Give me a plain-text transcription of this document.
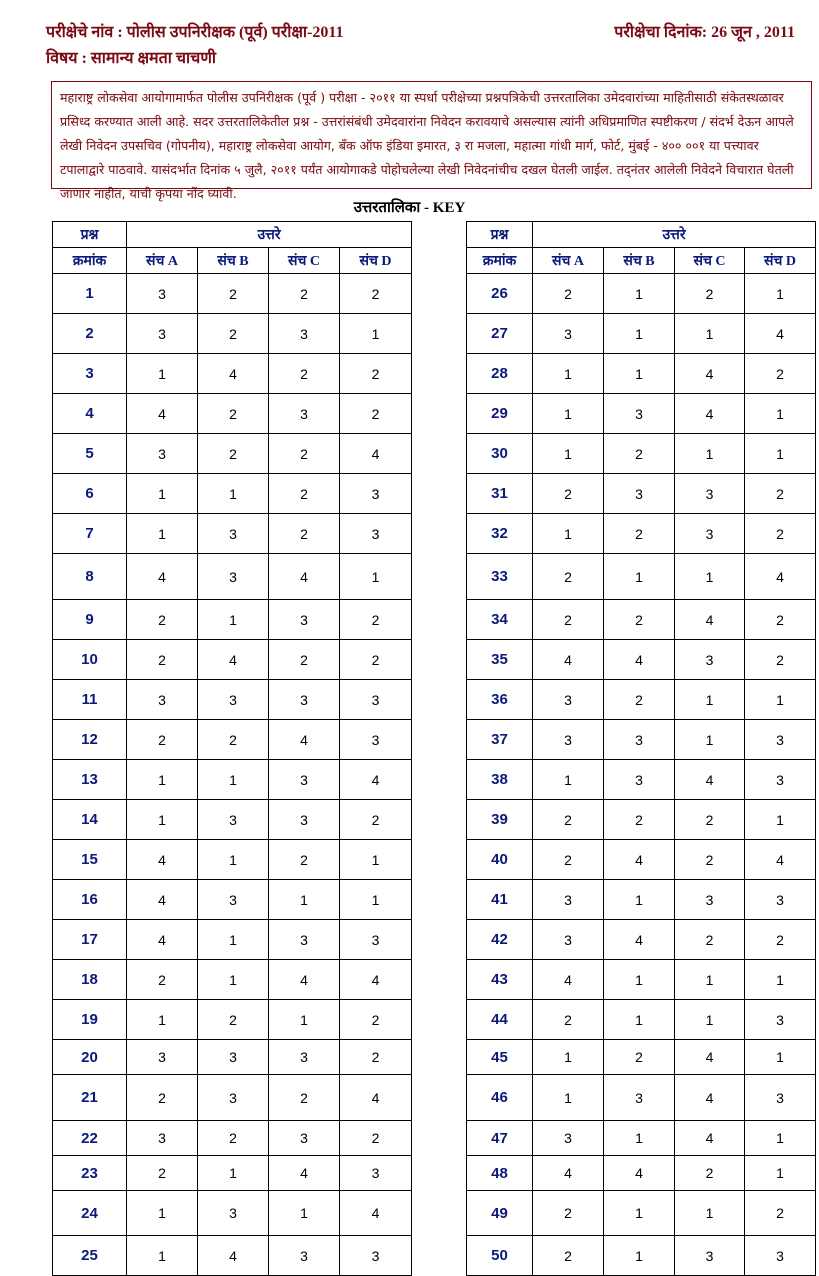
परीक्षेचे नांव : पोलीस उपनिरीक्षक (पूर्व) परीक्षा-2011	परीक्षेचा दिनांक: 26 जून , 2011
विषय : सामान्य क्षमता चाचणी
महाराष्ट्र लोकसेवा आयोगामार्फत पोलीस उपनिरीक्षक (पूर्व ) परीक्षा - २०११ या स्पर्धा परीक्षेच्या प्रश्नपत्रिकेची उत्तरतालिका उमेदवारांच्या माहितीसाठी संकेतस्थळावर प्रसिध्द करण्यात आली आहे. सदर उत्तरतालिकेतील प्रश्न - उत्तरांसंबंधी उमेदवारांना निवेदन करावयाचे असल्यास त्यांनी अधिप्रमाणित स्पष्टीकरण / संदर्भ देऊन आपले लेखी निवेदन उपसचिव (गोपनीय), महाराष्ट्र लोकसेवा आयोग, बँक ऑफ इंडिया इमारत, ३ रा मजला, महात्मा गांधी मार्ग, फोर्ट, मुंबई - ४०० ००१ या पत्त्यावर टपालाद्वारे पाठवावे. यासंदर्भात दिनांक ५ जुलै, २०११ पर्यंत आयोगाकडे पोहोचलेल्या लेखी निवेदनांचीच दखल घेतली जाईल. तद्नंतर आलेली निवेदने विचारात घेतली जाणार नाहीत, याची कृपया नोंद घ्यावी.
उत्तरतालिका - KEY
प्रश्न	उत्तरे			
क्रमांक	संच A	संच B	संच C	संच D
1	3	2	2	2
2	3	2	3	1
3	1	4	2	2
4	4	2	3	2
5	3	2	2	4
6	1	1	2	3
7	1	3	2	3
8	4	3	4	1
9	2	1	3	2
10	2	4	2	2
11	3	3	3	3
12	2	2	4	3
13	1	1	3	4
14	1	3	3	2
15	4	1	2	1
16	4	3	1	1
17	4	1	3	3
18	2	1	4	4
19	1	2	1	2
20	3	3	3	2
21	2	3	2	4
22	3	2	3	2
23	2	1	4	3
24	1	3	1	4
25	1	4	3	3
प्रश्न	उत्तरे			
क्रमांक	संच A	संच B	संच C	संच D
26	2	1	2	1
27	3	1	1	4
28	1	1	4	2
29	1	3	4	1
30	1	2	1	1
31	2	3	3	2
32	1	2	3	2
33	2	1	1	4
34	2	2	4	2
35	4	4	3	2
36	3	2	1	1
37	3	3	1	3
38	1	3	4	3
39	2	2	2	1
40	2	4	2	4
41	3	1	3	3
42	3	4	2	2
43	4	1	1	1
44	2	1	1	3
45	1	2	4	1
46	1	3	4	3
47	3	1	4	1
48	4	4	2	1
49	2	1	1	2
50	2	1	3	3
